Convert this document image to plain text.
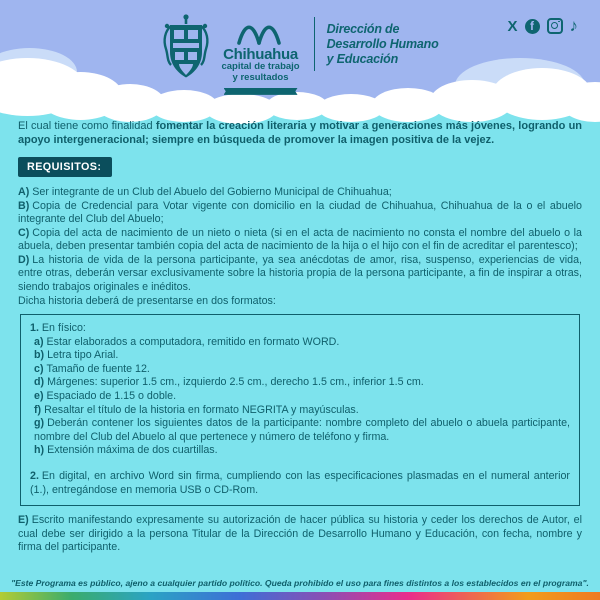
Chihuahua
capital de trabajo
y resultados
Dirección de
Desarrollo Humano
y Educación
X	f	♪

El cual tiene como finalidad fomentar la creación literaria y motivar a generaciones más jóvenes, logrando un apoyo intergeneracional; siempre en búsqueda de promover la imagen positiva de la vejez.

REQUISITOS:

A) Ser integrante de un Club del Abuelo del Gobierno Municipal de Chihuahua;

B) Copia de Credencial para Votar vigente con domicilio en la ciudad de Chihuahua, Chihuahua de la o el abuelo integrante del Club del Abuelo;

C) Copia del acta de nacimiento de un nieto o nieta (si en el acta de nacimiento no consta el nombre del abuelo o la abuela, deben presentar también copia del acta de nacimiento de la hija o el hijo con el fin de acreditar el parentesco);

D) La historia de vida de la persona participante, ya sea anécdotas de amor, risa, suspenso, experiencias de vida, entre otras, deberán versar exclusivamente sobre la historia propia de la persona participante, a fin de inspirar a otras, siendo trabajos originales e inéditos.

Dicha historia deberá de presentarse en dos formatos:

1. En físico:

a) Estar elaborados a computadora, remitido en formato WORD.

b) Letra tipo Arial.

c) Tamaño de fuente 12.

d) Márgenes: superior 1.5 cm., izquierdo 2.5 cm., derecho 1.5 cm., inferior 1.5 cm.

e) Espaciado de 1.15 o doble.

f) Resaltar el título de la historia en formato NEGRITA y mayúsculas.

g) Deberán contener los siguientes datos de la participante: nombre completo del abuelo o abuela participante, nombre del Club del Abuelo al que pertenece y número de teléfono y firma.

h) Extensión máxima de dos cuartillas.

2. En digital, en archivo Word sin firma, cumpliendo con las especificaciones plasmadas en el numeral anterior (1.), entregándose en memoria USB o CD-Rom.

E) Escrito manifestando expresamente su autorización de hacer pública su historia y ceder los derechos de Autor, el cual debe ser dirigido a la persona Titular de la Dirección de Desarrollo Humano y Educación, con fecha, nombre y firma del participante.

"Este Programa es público, ajeno a cualquier partido político. Queda prohibido el uso para fines distintos a los establecidos en el programa".
